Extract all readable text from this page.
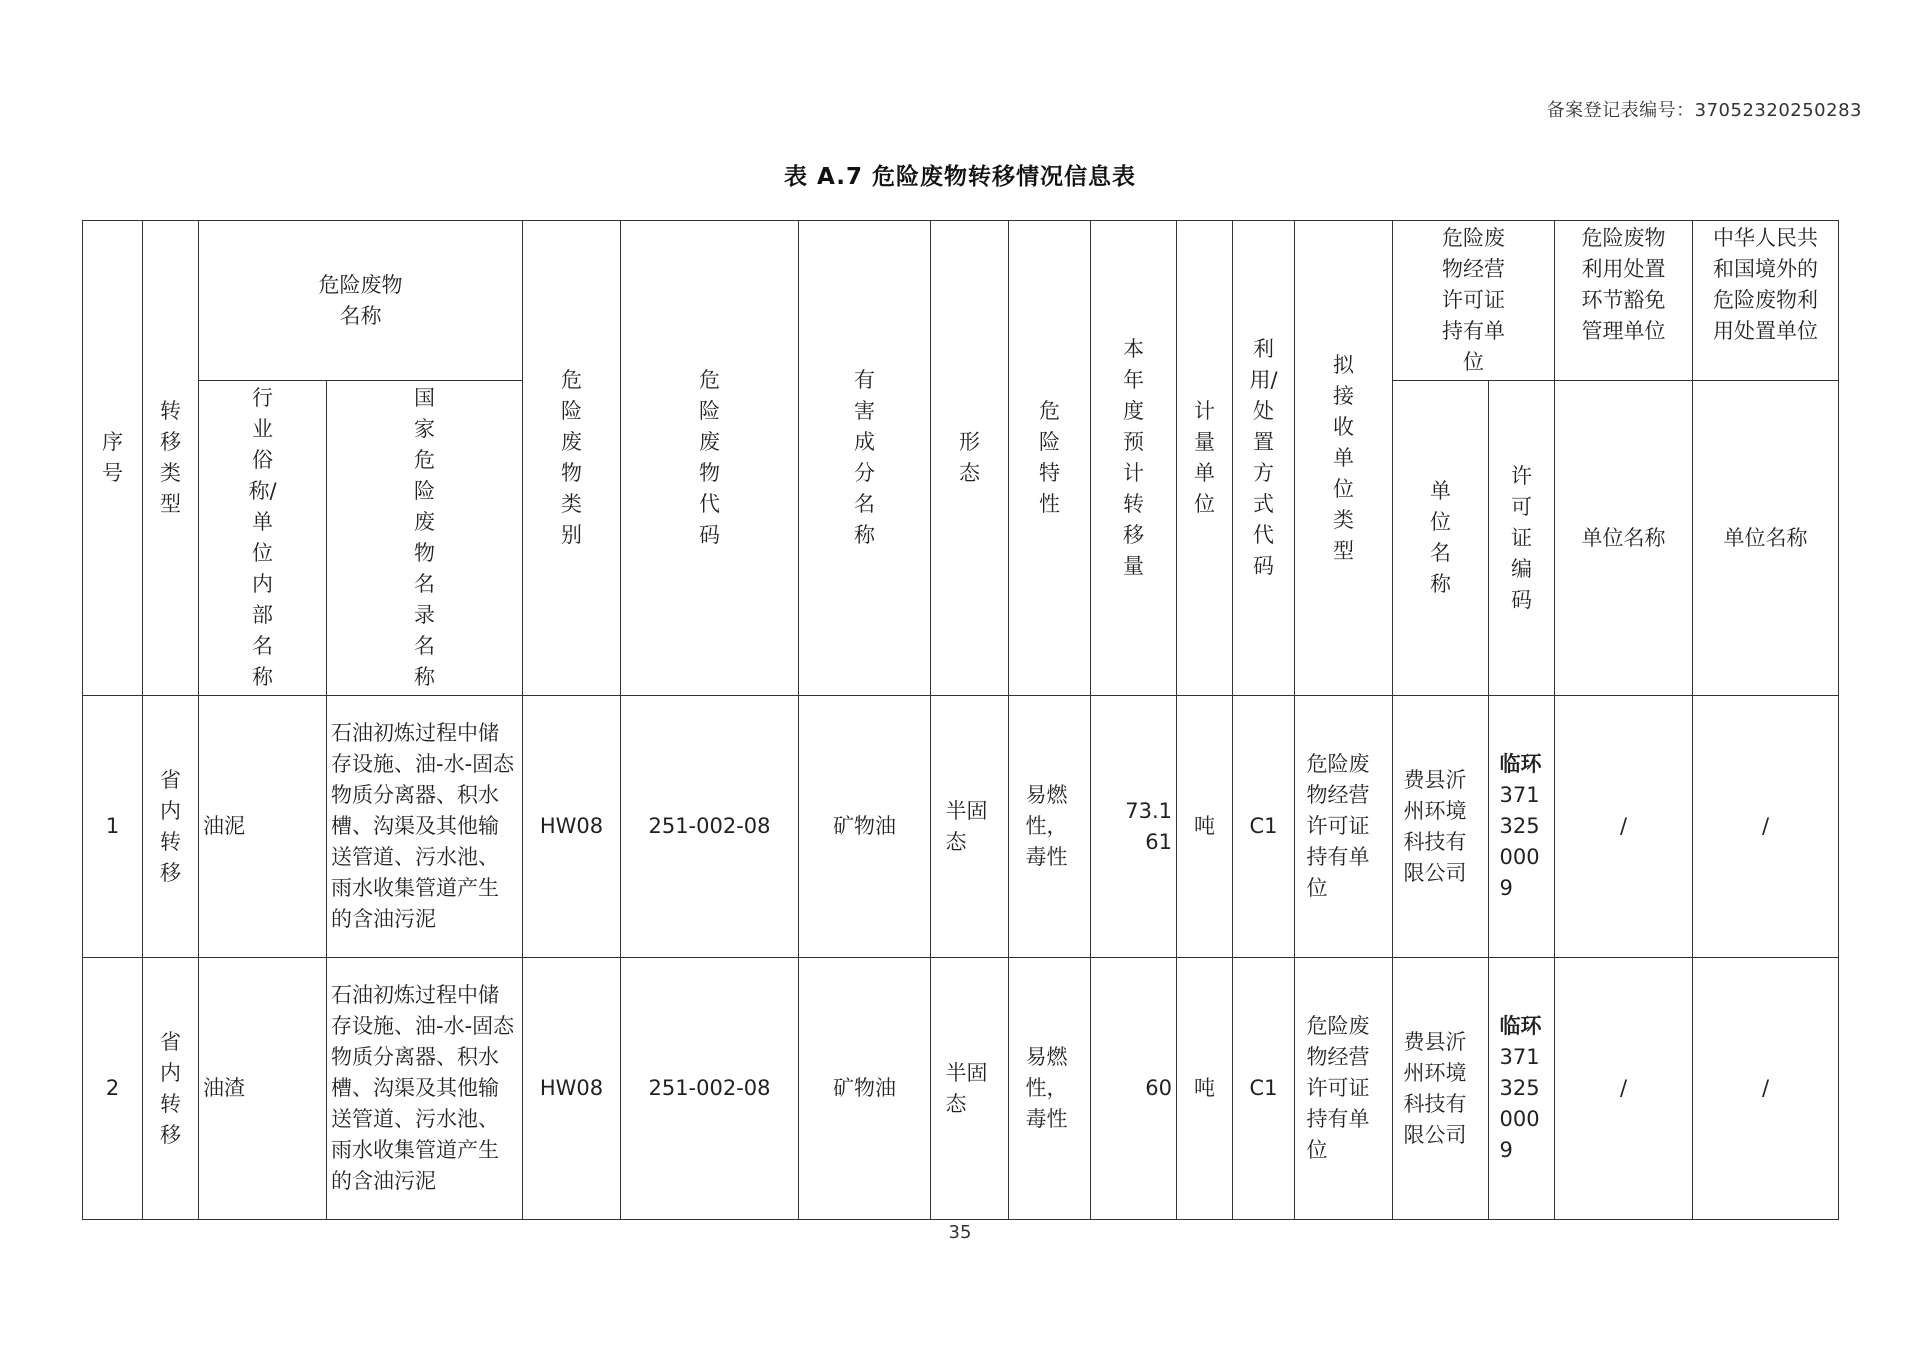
备案登记表编号：37052320250283
表 A.7 危险废物转移情况信息表
序号	转移类型	危险废物名称		危险废物类别	危险废物代码	有害成分名称	形态	危险特性	本年度预计转移量	计量单位	利用/处置方式代码	拟接收单位类型	危险废物经营许可证持有单位		危险废物利用处置环节豁免管理单位	中华人民共和国境外的危险废物利用处置单位

		行业俗称/单位内部名称	国家危险废物名录名称										单位名称	许可证编码	单位名称	单位名称
1	省内转移	油泥	石油初炼过程中储存设施、油-水-固态物质分离器、积水槽、沟渠及其他输送管道、污水池、雨水收集管道产生的含油污泥	HW08	251-002-08	矿物油	半固态	易燃性，毒性	73.161	吨	C1	危险废物经营许可证持有单位	费县沂州环境科技有限公司	临环3713250009	/	/
2	省内转移	油渣	石油初炼过程中储存设施、油-水-固态物质分离器、积水槽、沟渠及其他输送管道、污水池、雨水收集管道产生的含油污泥	HW08	251-002-08	矿物油	半固态	易燃性，毒性	60	吨	C1	危险废物经营许可证持有单位	费县沂州环境科技有限公司	临环3713250009	/	/
35
